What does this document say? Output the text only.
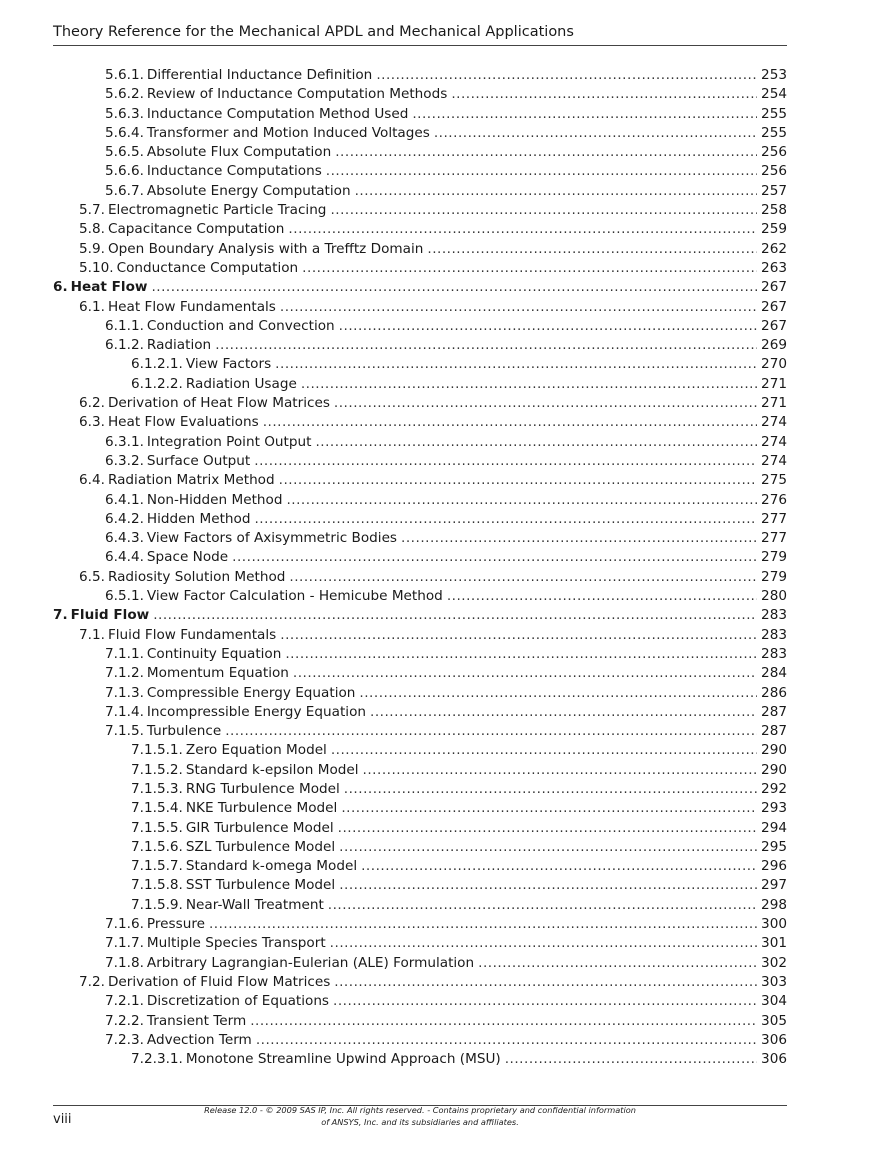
Theory Reference for the Mechanical APDL and Mechanical Applications
5.6.1. Differential Inductance Definition .....	253
5.6.2. Review of Inductance Computation Methods .....	254
5.6.3. Inductance Computation Method Used .....	255
5.6.4. Transformer and Motion Induced Voltages .....	255
5.6.5. Absolute Flux Computation .....	256
5.6.6. Inductance Computations .....	256
5.6.7. Absolute Energy Computation .....	257
5.7. Electromagnetic Particle Tracing .....	258
5.8. Capacitance Computation .....	259
5.9. Open Boundary Analysis with a Trefftz Domain .....	262
5.10. Conductance Computation .....	263
6. Heat Flow .....	267
6.1. Heat Flow Fundamentals .....	267
6.1.1. Conduction and Convection .....	267
6.1.2. Radiation .....	269
6.1.2.1. View Factors .....	270
6.1.2.2. Radiation Usage .....	271
6.2. Derivation of Heat Flow Matrices .....	271
6.3. Heat Flow Evaluations .....	274
6.3.1. Integration Point Output .....	274
6.3.2. Surface Output .....	274
6.4. Radiation Matrix Method .....	275
6.4.1. Non-Hidden Method .....	276
6.4.2. Hidden Method .....	277
6.4.3. View Factors of Axisymmetric Bodies .....	277
6.4.4. Space Node .....	279
6.5. Radiosity Solution Method .....	279
6.5.1. View Factor Calculation - Hemicube Method .....	280
7. Fluid Flow .....	283
7.1. Fluid Flow Fundamentals .....	283
7.1.1. Continuity Equation .....	283
7.1.2. Momentum Equation .....	284
7.1.3. Compressible Energy Equation .....	286
7.1.4. Incompressible Energy Equation .....	287
7.1.5. Turbulence .....	287
7.1.5.1. Zero Equation Model .....	290
7.1.5.2. Standard k-epsilon Model .....	290
7.1.5.3. RNG Turbulence Model .....	292
7.1.5.4. NKE Turbulence Model .....	293
7.1.5.5. GIR Turbulence Model .....	294
7.1.5.6. SZL Turbulence Model .....	295
7.1.5.7. Standard k-omega Model .....	296
7.1.5.8. SST Turbulence Model .....	297
7.1.5.9. Near-Wall Treatment .....	298
7.1.6. Pressure .....	300
7.1.7. Multiple Species Transport .....	301
7.1.8. Arbitrary Lagrangian-Eulerian (ALE) Formulation .....	302
7.2. Derivation of Fluid Flow Matrices .....	303
7.2.1. Discretization of Equations .....	304
7.2.2. Transient Term .....	305
7.2.3. Advection Term .....	306
7.2.3.1. Monotone Streamline Upwind Approach (MSU) .....	306
viii
Release 12.0 - © 2009 SAS IP, Inc. All rights reserved. - Contains proprietary and confidential information
of ANSYS, Inc. and its subsidiaries and affiliates.
